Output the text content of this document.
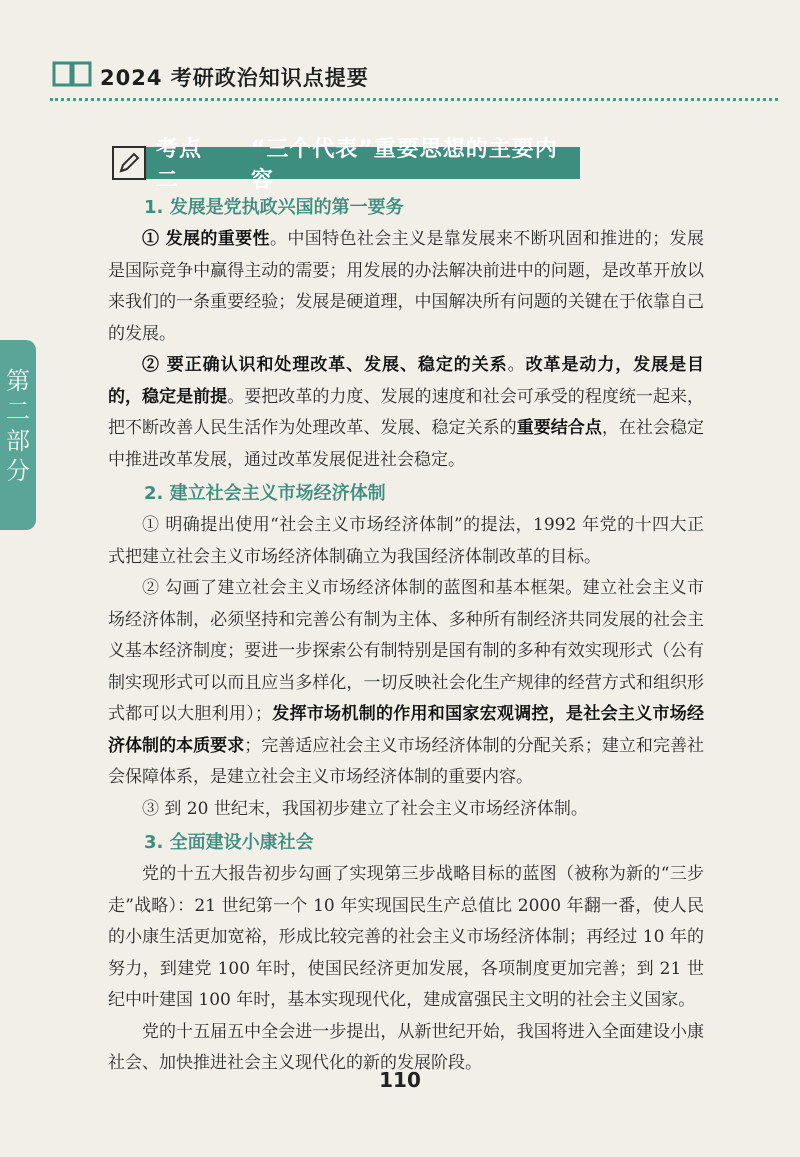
2024 考研政治知识点提要
第
二
部
分
考点二
“三个代表”重要思想的主要内容
1. 发展是党执政兴国的第一要务

① 发展的重要性。中国特色社会主义是靠发展来不断巩固和推进的；发展是国际竞争中赢得主动的需要；用发展的办法解决前进中的问题，是改革开放以来我们的一条重要经验；发展是硬道理，中国解决所有问题的关键在于依靠自己的发展。

② 要正确认识和处理改革、发展、稳定的关系。改革是动力，发展是目的，稳定是前提。要把改革的力度、发展的速度和社会可承受的程度统一起来，把不断改善人民生活作为处理改革、发展、稳定关系的重要结合点，在社会稳定中推进改革发展，通过改革发展促进社会稳定。

2. 建立社会主义市场经济体制

① 明确提出使用“社会主义市场经济体制”的提法，1992 年党的十四大正式把建立社会主义市场经济体制确立为我国经济体制改革的目标。

② 勾画了建立社会主义市场经济体制的蓝图和基本框架。建立社会主义市场经济体制，必须坚持和完善公有制为主体、多种所有制经济共同发展的社会主义基本经济制度；要进一步探索公有制特别是国有制的多种有效实现形式（公有制实现形式可以而且应当多样化，一切反映社会化生产规律的经营方式和组织形式都可以大胆利用）；发挥市场机制的作用和国家宏观调控，是社会主义市场经济体制的本质要求；完善适应社会主义市场经济体制的分配关系；建立和完善社会保障体系，是建立社会主义市场经济体制的重要内容。

③ 到 20 世纪末，我国初步建立了社会主义市场经济体制。

3. 全面建设小康社会

党的十五大报告初步勾画了实现第三步战略目标的蓝图（被称为新的“三步走”战略）：21 世纪第一个 10 年实现国民生产总值比 2000 年翻一番，使人民的小康生活更加宽裕，形成比较完善的社会主义市场经济体制；再经过 10 年的努力，到建党 100 年时，使国民经济更加发展，各项制度更加完善；到 21 世纪中叶建国 100 年时，基本实现现代化，建成富强民主文明的社会主义国家。

党的十五届五中全会进一步提出，从新世纪开始，我国将进入全面建设小康社会、加快推进社会主义现代化的新的发展阶段。

110
